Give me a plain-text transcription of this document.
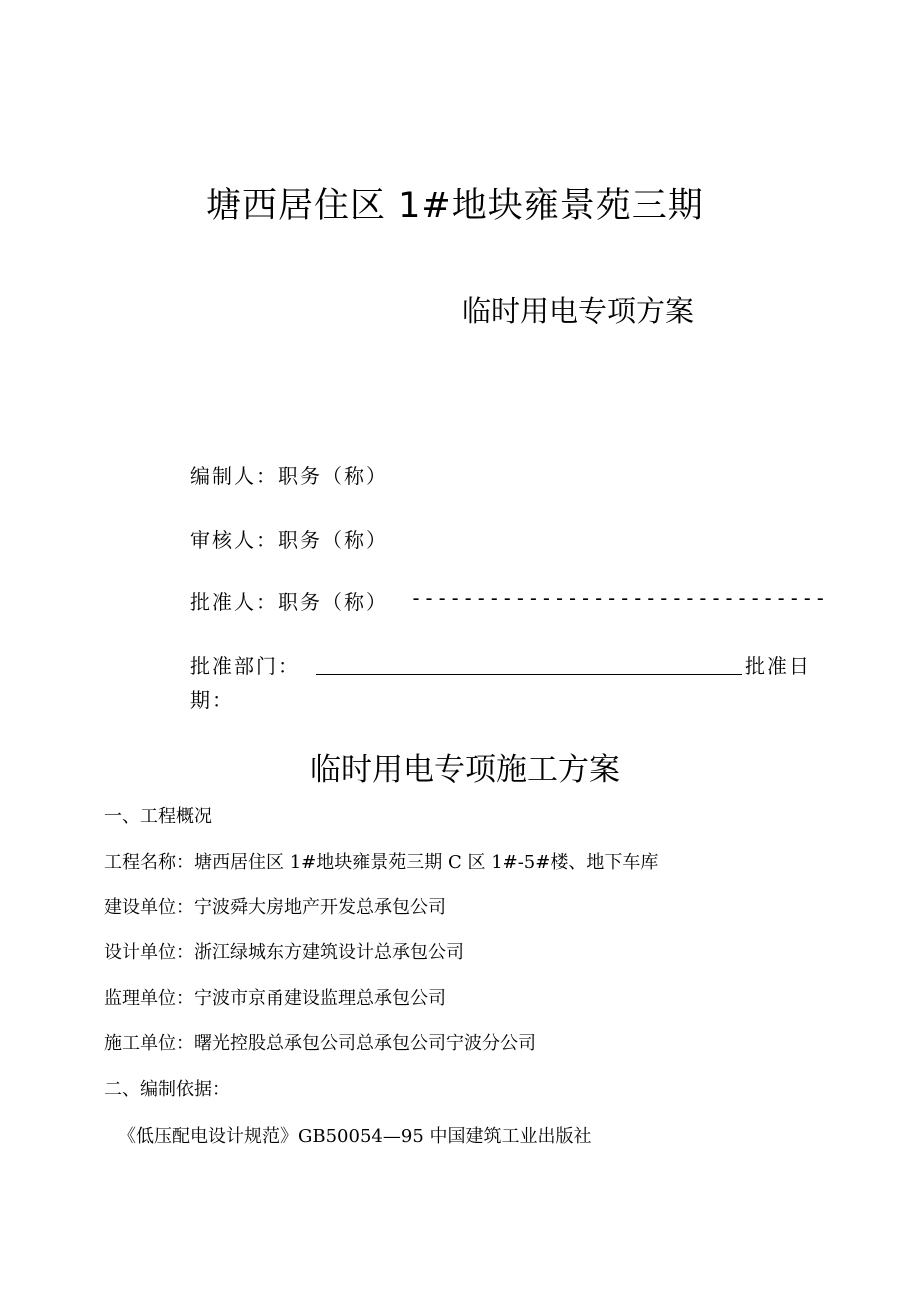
塘西居住区 1#地块雍景苑三期
临时用电专项方案
编制人：职务（称）
审核人：职务（称）
批准人：职务（称） --------------------------------
批准部门：	批准日
期：
临时用电专项施工方案
一、工程概况
工程名称：塘西居住区 1#地块雍景苑三期 C 区 1#-5#楼、地下车库
建设单位：宁波舜大房地产开发总承包公司
设计单位：浙江绿城东方建筑设计总承包公司
监理单位：宁波市京甬建设监理总承包公司
施工单位：曙光控股总承包公司总承包公司宁波分公司
二、编制依据：
《低压配电设计规范》GB50054—95 中国建筑工业出版社
